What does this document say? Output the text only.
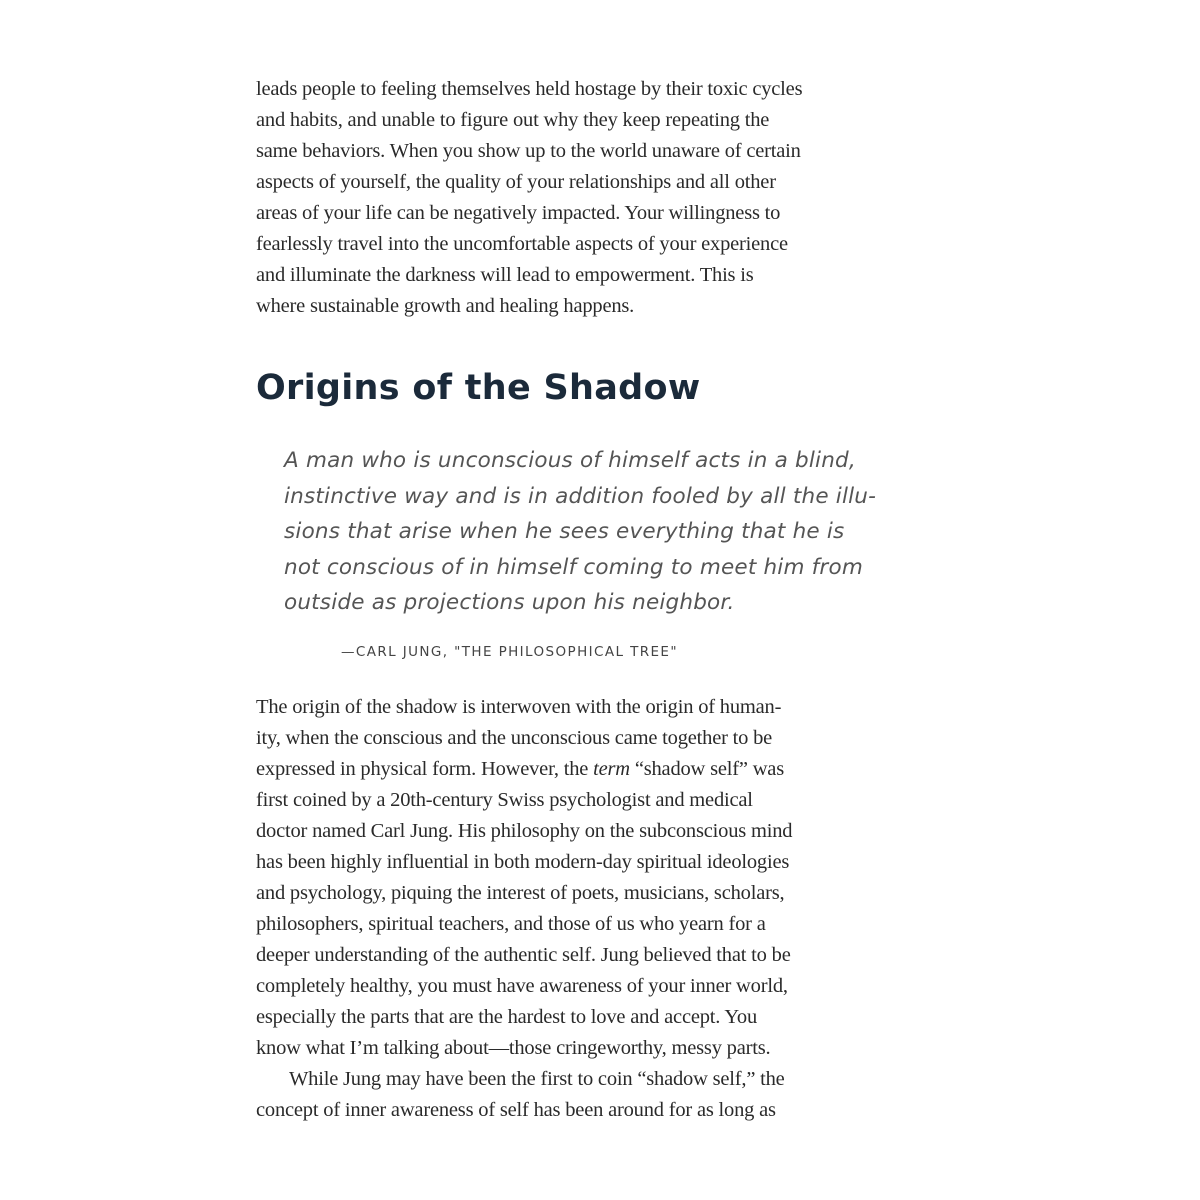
leads people to feeling themselves held hostage by their toxic cycles
and habits, and unable to figure out why they keep repeating the
same behaviors. When you show up to the world unaware of certain
aspects of yourself, the quality of your relationships and all other
areas of your life can be negatively impacted. Your willingness to
fearlessly travel into the uncomfortable aspects of your experience
and illuminate the darkness will lead to empowerment. This is
where sustainable growth and healing happens.

Origins of the Shadow
A man who is unconscious of himself acts in a blind,
instinctive way and is in addition fooled by all the illu-
sions that arise when he sees everything that he is
not conscious of in himself coming to meet him from
outside as projections upon his neighbor.
—CARL JUNG, "THE PHILOSOPHICAL TREE"
The origin of the shadow is interwoven with the origin of human-
ity, when the conscious and the unconscious came together to be
expressed in physical form. However, the term “shadow self” was
first coined by a 20th-century Swiss psychologist and medical
doctor named Carl Jung. His philosophy on the subconscious mind
has been highly influential in both modern-day spiritual ideologies
and psychology, piquing the interest of poets, musicians, scholars,
philosophers, spiritual teachers, and those of us who yearn for a
deeper understanding of the authentic self. Jung believed that to be
completely healthy, you must have awareness of your inner world,
especially the parts that are the hardest to love and accept. You
know what I’m talking about—those cringeworthy, messy parts.
While Jung may have been the first to coin “shadow self,” the
concept of inner awareness of self has been around for as long as
